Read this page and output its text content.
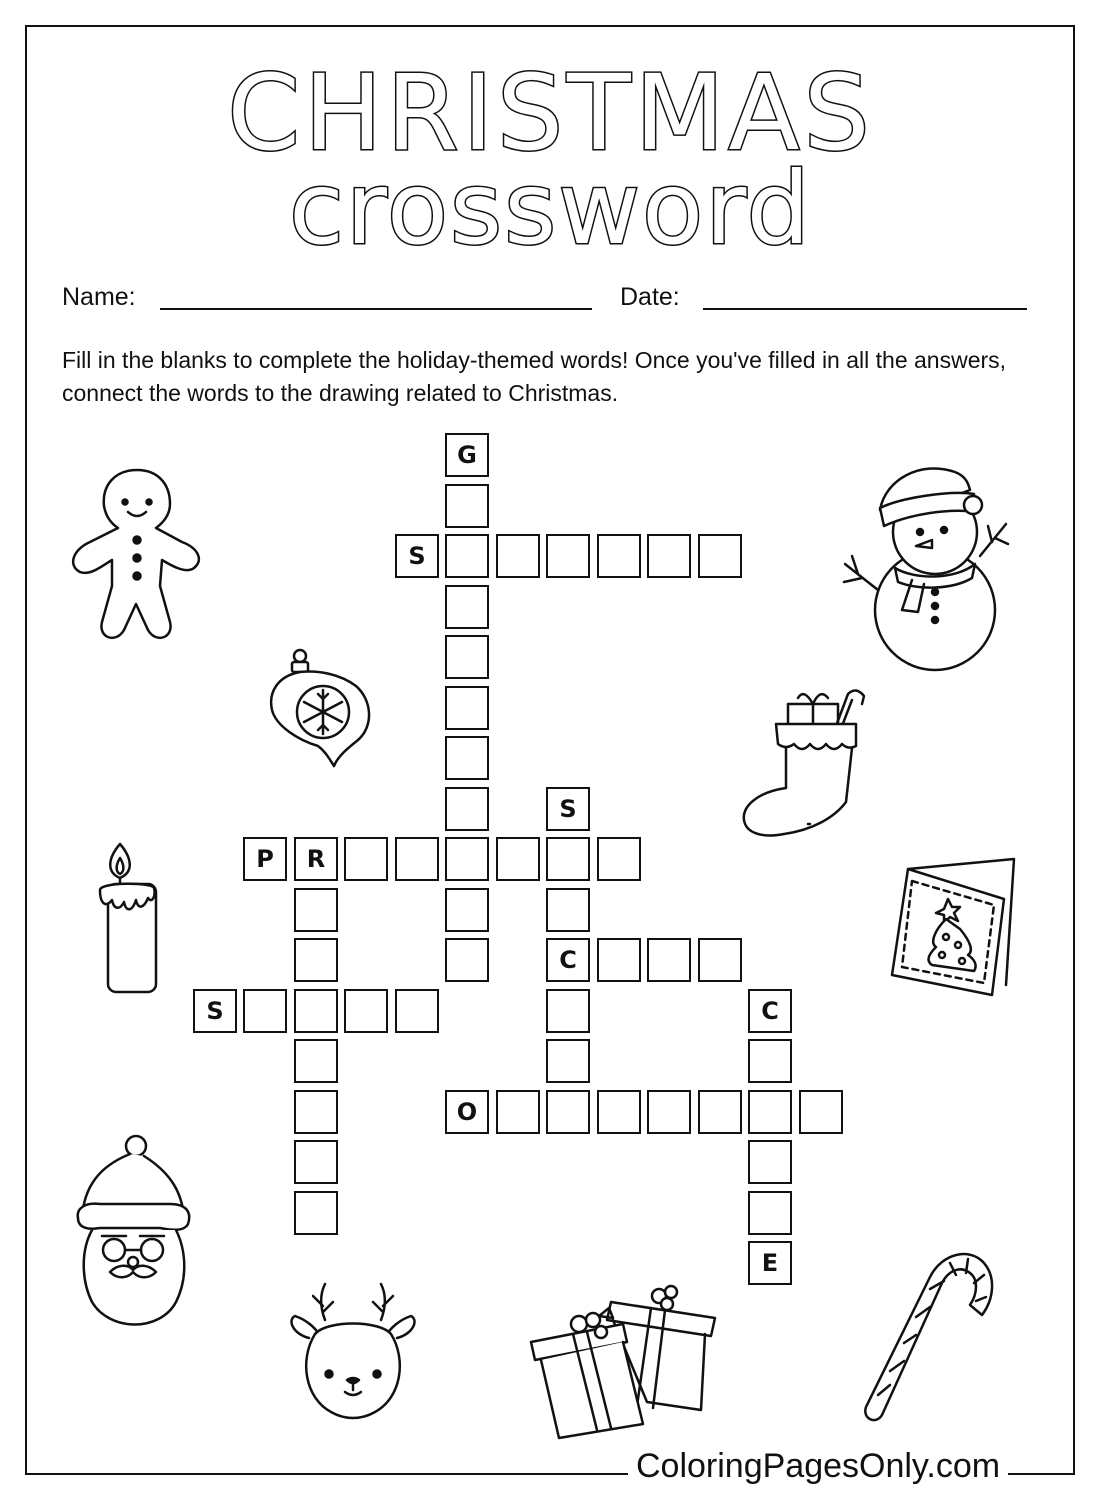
CHRISTMAS
crossword
Name:	Date:
Fill in the blanks to complete the holiday-themed words! Once you've filled in all the answers, connect the words to the drawing related to Christmas.
G
S
P	R
S
C
S	C
E
O
ColoringPagesOnly.com
